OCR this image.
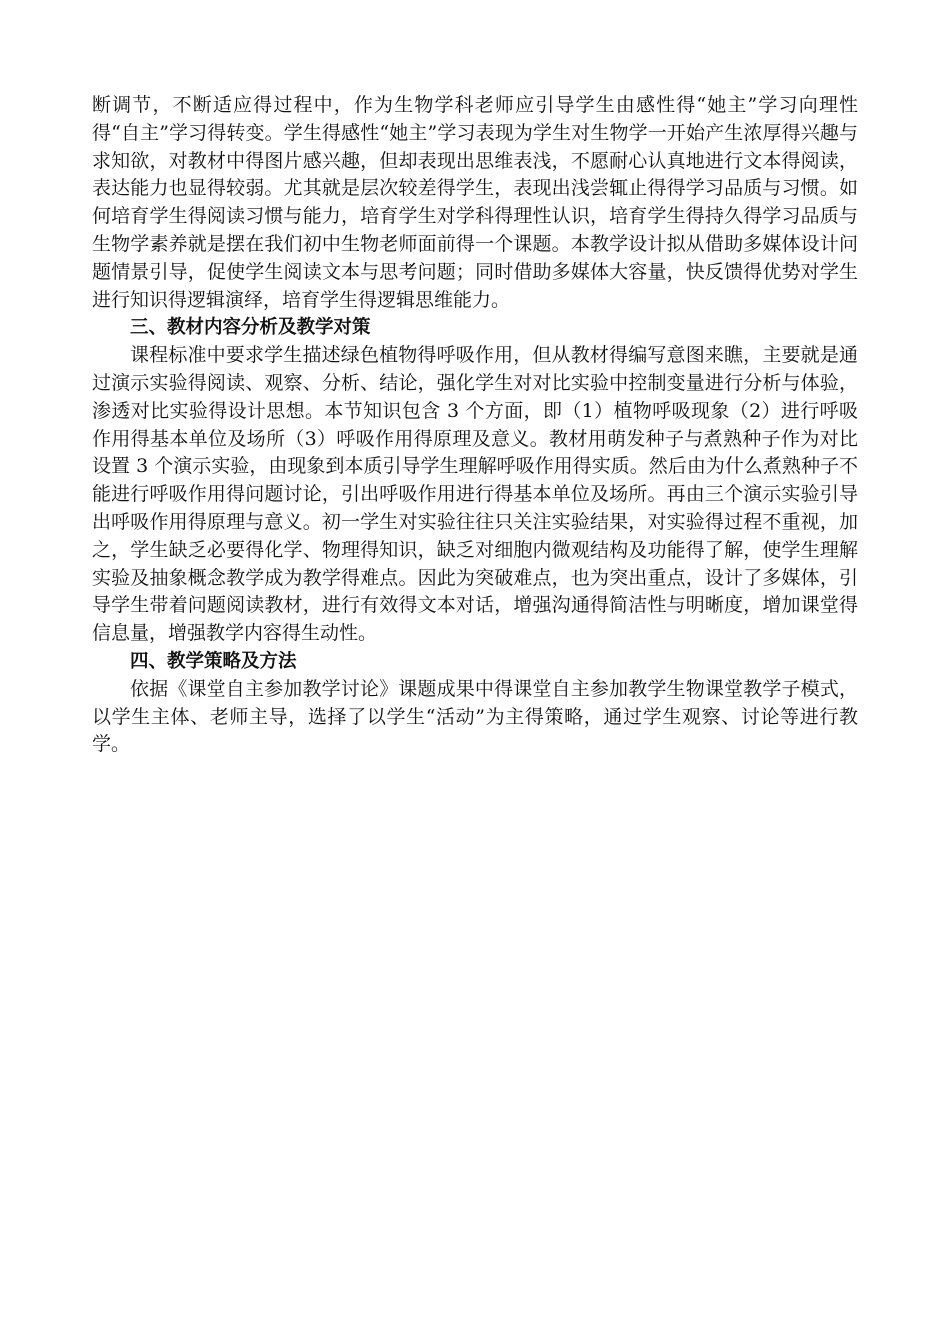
断调节，不断适应得过程中，作为生物学科老师应引导学生由感性得“她主”学习向理性得“自主”学习得转变。学生得感性“她主”学习表现为学生对生物学一开始产生浓厚得兴趣与求知欲，对教材中得图片感兴趣，但却表现出思维表浅，不愿耐心认真地进行文本得阅读，表达能力也显得较弱。尤其就是层次较差得学生，表现出浅尝辄止得得学习品质与习惯。如何培育学生得阅读习惯与能力，培育学生对学科得理性认识，培育学生得持久得学习品质与生物学素养就是摆在我们初中生物老师面前得一个课题。本教学设计拟从借助多媒体设计问题情景引导，促使学生阅读文本与思考问题；同时借助多媒体大容量，快反馈得优势对学生进行知识得逻辑演绎，培育学生得逻辑思维能力。

三、教材内容分析及教学对策

课程标准中要求学生描述绿色植物得呼吸作用，但从教材得编写意图来瞧，主要就是通过演示实验得阅读、观察、分析、结论，强化学生对对比实验中控制变量进行分析与体验，渗透对比实验得设计思想。本节知识包含 3 个方面，即（1）植物呼吸现象（2）进行呼吸作用得基本单位及场所（3）呼吸作用得原理及意义。教材用萌发种子与煮熟种子作为对比设置 3 个演示实验，由现象到本质引导学生理解呼吸作用得实质。然后由为什么煮熟种子不能进行呼吸作用得问题讨论，引出呼吸作用进行得基本单位及场所。再由三个演示实验引导出呼吸作用得原理与意义。初一学生对实验往往只关注实验结果，对实验得过程不重视，加之，学生缺乏必要得化学、物理得知识，缺乏对细胞内微观结构及功能得了解，使学生理解实验及抽象概念教学成为教学得难点。因此为突破难点，也为突出重点，设计了多媒体，引导学生带着问题阅读教材，进行有效得文本对话，增强沟通得简洁性与明晰度，增加课堂得信息量，增强教学内容得生动性。

四、教学策略及方法

依据《课堂自主参加教学讨论》课题成果中得课堂自主参加教学生物课堂教学子模式，以学生主体、老师主导，选择了以学生“活动”为主得策略，通过学生观察、讨论等进行教学。
